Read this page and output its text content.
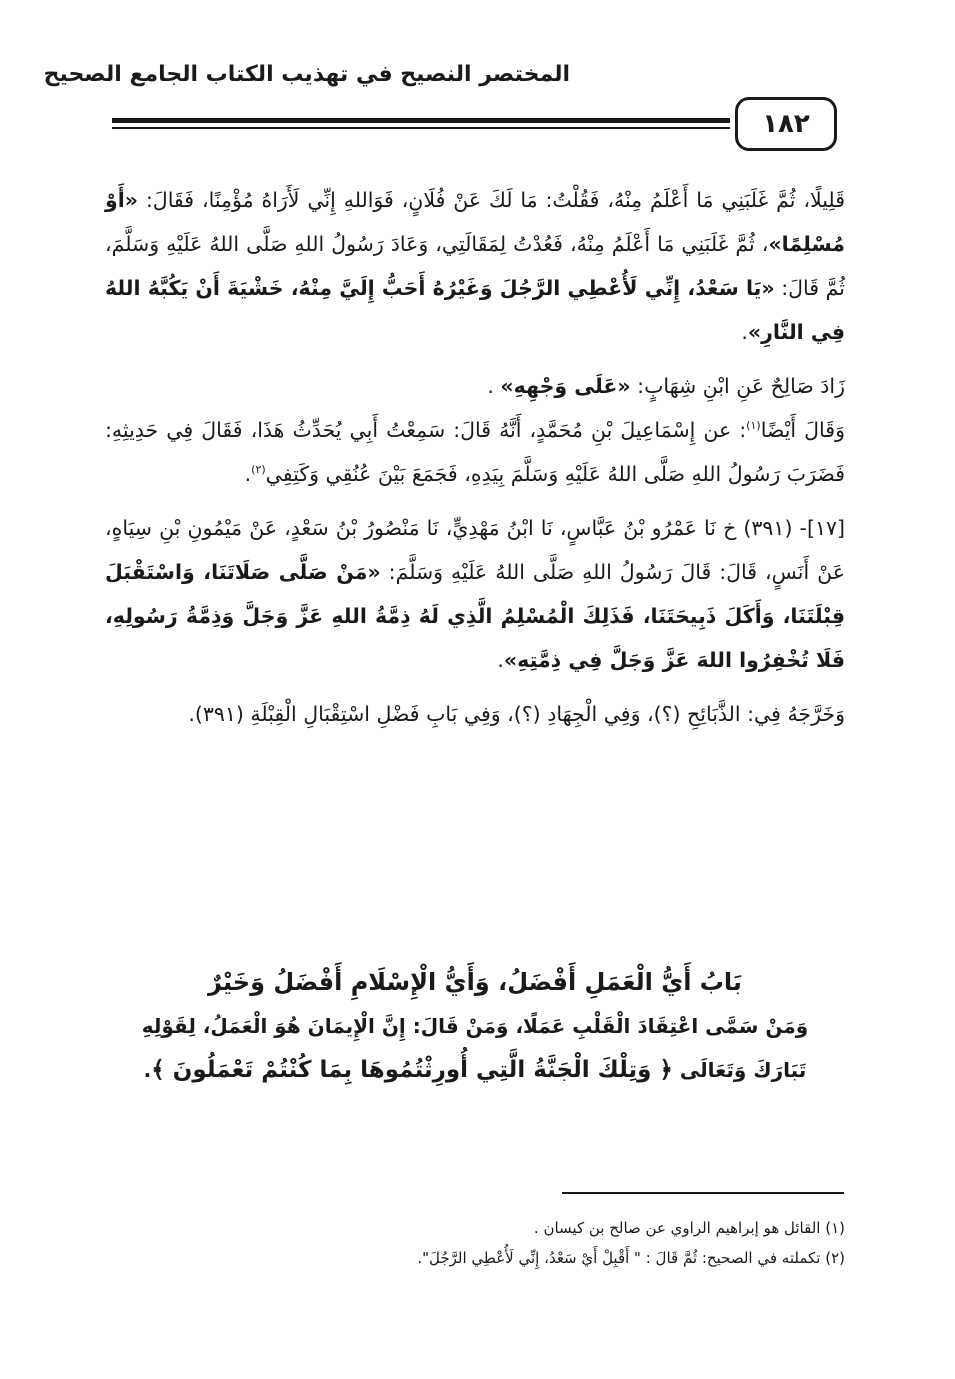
المختصر النصيح في تهذيب الكتاب الجامع الصحيح
١٨٢

قَلِيلًا، ثُمَّ غَلَبَنِي مَا أَعْلَمُ مِنْهُ، فَقُلْتُ: مَا لَكَ عَنْ فُلَانٍ، فَوَاللهِ إِنِّي لَأَرَاهُ مُؤْمِنًا، فَقَالَ: «أَوْ مُسْلِمًا»، ثُمَّ غَلَبَنِي مَا أَعْلَمُ مِنْهُ، فَعُدْتُ لِمَقَالَتِي، وَعَادَ رَسُولُ اللهِ صَلَّى اللهُ عَلَيْهِ وَسَلَّمَ، ثُمَّ قَالَ: «يَا سَعْدُ، إِنِّي لَأُعْطِي الرَّجُلَ وَغَيْرُهُ أَحَبُّ إِلَيَّ مِنْهُ، خَشْيَةَ أَنْ يَكُبَّهُ اللهُ فِي النَّارِ».

زَادَ صَالِحٌ عَنِ ابْنِ شِهَابٍ: «عَلَى وَجْهِهِ» .

وَقَالَ أَيْضًا$^{(١)}$: عن إِسْمَاعِيلَ بْنِ مُحَمَّدٍ، أَنَّهُ قَالَ: سَمِعْتُ أَبِي يُحَدِّثُ هَذَا، فَقَالَ فِي حَدِيثِهِ: فَضَرَبَ رَسُولُ اللهِ صَلَّى اللهُ عَلَيْهِ وَسَلَّمَ بِيَدِهِ، فَجَمَعَ بَيْنَ عُنُقِي وَكَتِفِي$^{(٢)}$.

[١٧]- (٣٩١) خ نَا عَمْرُو بْنُ عَبَّاسٍ، نَا ابْنُ مَهْدِيٍّ، نَا مَنْصُورُ بْنُ سَعْدٍ، عَنْ مَيْمُونِ بْنِ سِيَاهٍ، عَنْ أَنَسٍ، قَالَ: قَالَ رَسُولُ اللهِ صَلَّى اللهُ عَلَيْهِ وَسَلَّمَ: «مَنْ صَلَّى صَلَاتَنَا، وَاسْتَقْبَلَ قِبْلَتَنَا، وَأَكَلَ ذَبِيحَتَنَا، فَذَلِكَ الْمُسْلِمُ الَّذِي لَهُ ذِمَّةُ اللهِ عَزَّ وَجَلَّ وَذِمَّةُ رَسُولِهِ، فَلَا تُخْفِرُوا اللهَ عَزَّ وَجَلَّ فِي ذِمَّتِهِ».

وَخَرَّجَهُ فِي: الذَّبَائِحِ (؟)، وَفِي الْجِهَادِ (؟)، وَفِي بَابِ فَضْلِ اسْتِقْبَالِ الْقِبْلَةِ (٣٩١).

بَابُ أَيُّ الْعَمَلِ أَفْضَلُ، وَأَيُّ الْإِسْلَامِ أَفْضَلُ وَخَيْرٌ

وَمَنْ سَمَّى اعْتِقَادَ الْقَلْبِ عَمَلًا، وَمَنْ قَالَ: إِنَّ الْإِيمَانَ هُوَ الْعَمَلُ، لِقَوْلِهِ تَبَارَكَ وَتَعَالَى ﴿ وَتِلْكَ الْجَنَّةُ الَّتِي أُورِثْتُمُوهَا بِمَا كُنْتُمْ تَعْمَلُونَ ﴾.

(١) القائل هو إبراهيم الراوي عن صالح بن كيسان .

(٢) تكملته في الصحيح: ثُمَّ قَالَ : " أَقْبِلْ أَيْ سَعْدُ، إِنِّي لَأُعْطِي الرَّجُلَ".
